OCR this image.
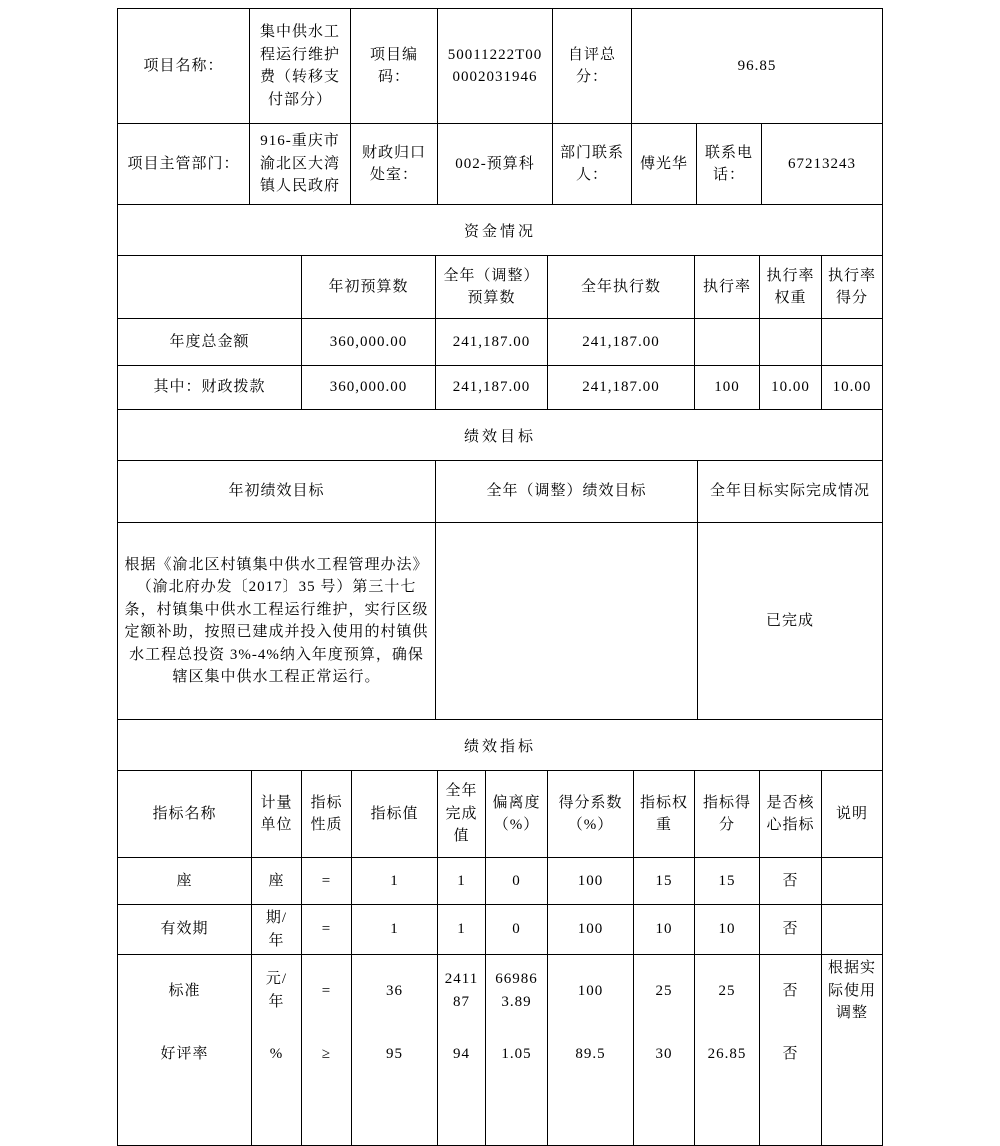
项目名称：	集中供水工程运行维护费（转移支付部分）	项目编码：	50011222T000002031946	自评总分：	96.85		
项目主管部门：	916-重庆市渝北区大湾镇人民政府	财政归口处室：	002-预算科	部门联系人：	傅光华	联系电话：	67213243
资金情况
	年初预算数	全年（调整）预算数	全年执行数	执行率	执行率权重	执行率得分
年度总金额	360,000.00	241,187.00	241,187.00			
其中：财政拨款	360,000.00	241,187.00	241,187.00	100	10.00	10.00
绩效目标
年初绩效目标	全年（调整）绩效目标	全年目标实际完成情况
根据《渝北区村镇集中供水工程管理办法》（渝北府办发〔2017〕35 号）第三十七条，村镇集中供水工程运行维护，实行区级定额补助，按照已建成并投入使用的村镇供水工程总投资 3%-4%纳入年度预算，确保辖区集中供水工程正常运行。		已完成
绩效指标
指标名称	计量单位	指标性质	指标值	全年完成值	偏离度（%）	得分系数（%）	指标权重	指标得分	是否核心指标	说明
座	座	=	1	1	0	100	15	15	否	
有效期	期/年	=	1	1	0	100	10	10	否	
标准	元/年	=	36	241187	669863.89	100	25	25	否	根据实际使用调整
好评率	%	≥	95	94	1.05	89.5	30	26.85	否	
